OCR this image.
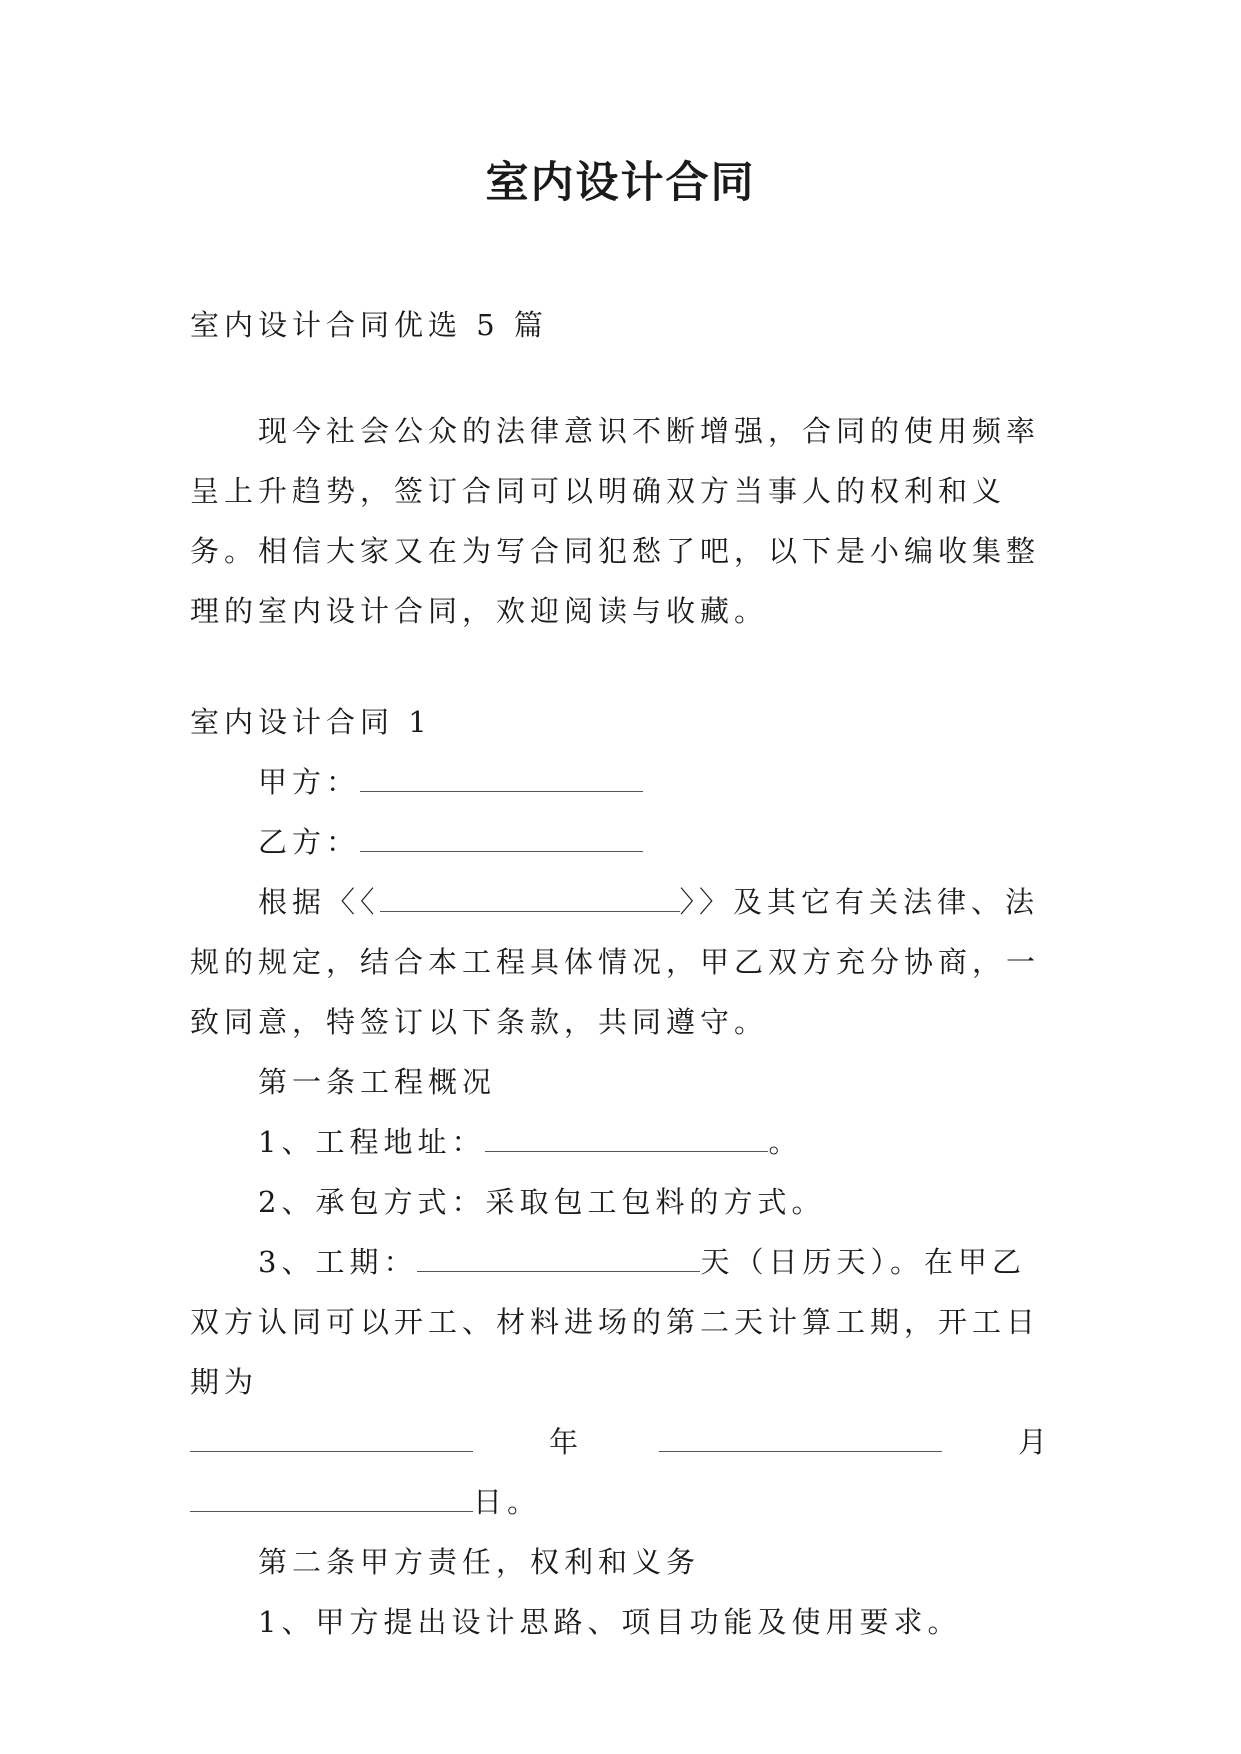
室内设计合同

室内设计合同优选 5 篇

现今社会公众的法律意识不断增强，合同的使用频率呈上升趋势，签订合同可以明确双方当事人的权利和义务。相信大家又在为写合同犯愁了吧，以下是小编收集整理的室内设计合同，欢迎阅读与收藏。

室内设计合同 1

甲方：

乙方：

根据〈〈	〉〉及其它有关法律、法规的规定，结合本工程具体情况，甲乙双方充分协商，一致同意，特签订以下条款，共同遵守。

第一条工程概况

1、工程地址：	。

2、承包方式：采取包工包料的方式。

3、工期：	天（日历天）。在甲乙双方认同可以开工、材料进场的第二天计算工期，开工日期为

年	月

日。

第二条甲方责任，权利和义务

1、甲方提出设计思路、项目功能及使用要求。
